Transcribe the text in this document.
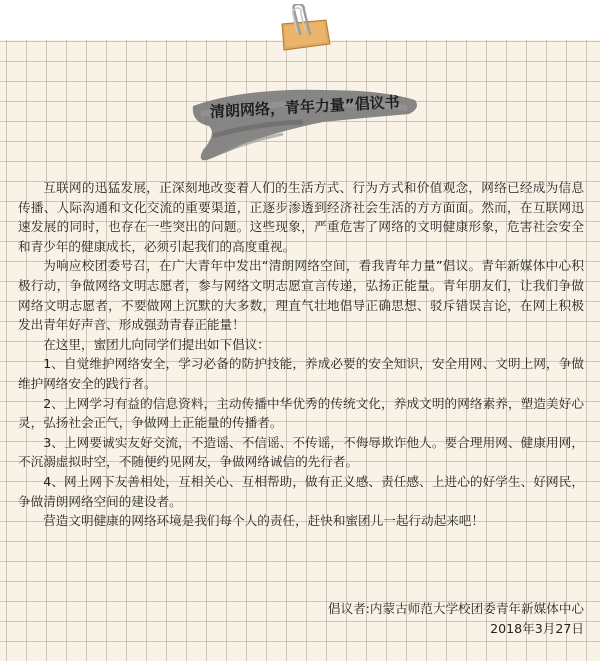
清朗网络，青年力量”倡议书

互联网的迅猛发展，正深刻地改变着人们的生活方式、行为方式和价值观念，网络已经成为信息传播、人际沟通和文化交流的重要渠道，正逐步渗透到经济社会生活的方方面面。然而，在互联网迅速发展的同时，也存在一些突出的问题。这些现象，严重危害了网络的文明健康形象，危害社会安全和青少年的健康成长，必须引起我们的高度重视。

为响应校团委号召，在广大青年中发出“清朗网络空间，看我青年力量”倡议。青年新媒体中心积极行动，争做网络文明志愿者，参与网络文明志愿宣言传递，弘扬正能量。青年朋友们，让我们争做网络文明志愿者，不要做网上沉默的大多数，理直气壮地倡导正确思想、驳斥错误言论，在网上积极发出青年好声音、形成强劲青春正能量！

在这里，蜜团儿向同学们提出如下倡议：

1、自觉维护网络安全，学习必备的防护技能，养成必要的安全知识，安全用网、文明上网，争做维护网络安全的践行者。

2、上网学习有益的信息资料，主动传播中华优秀的传统文化，养成文明的网络素养，塑造美好心灵，弘扬社会正气，争做网上正能量的传播者。

3、上网要诚实友好交流，不造谣、不信谣、不传谣，不侮辱欺诈他人。要合理用网、健康用网，不沉溺虚拟时空，不随便约见网友，争做网络诚信的先行者。

4、网上网下友善相处，互相关心、互相帮助，做有正义感、责任感、上进心的好学生、好网民，争做清朗网络空间的建设者。

营造文明健康的网络环境是我们每个人的责任，赶快和蜜团儿一起行动起来吧！

倡议者:内蒙古师范大学校团委青年新媒体中心
2018年3月27日
